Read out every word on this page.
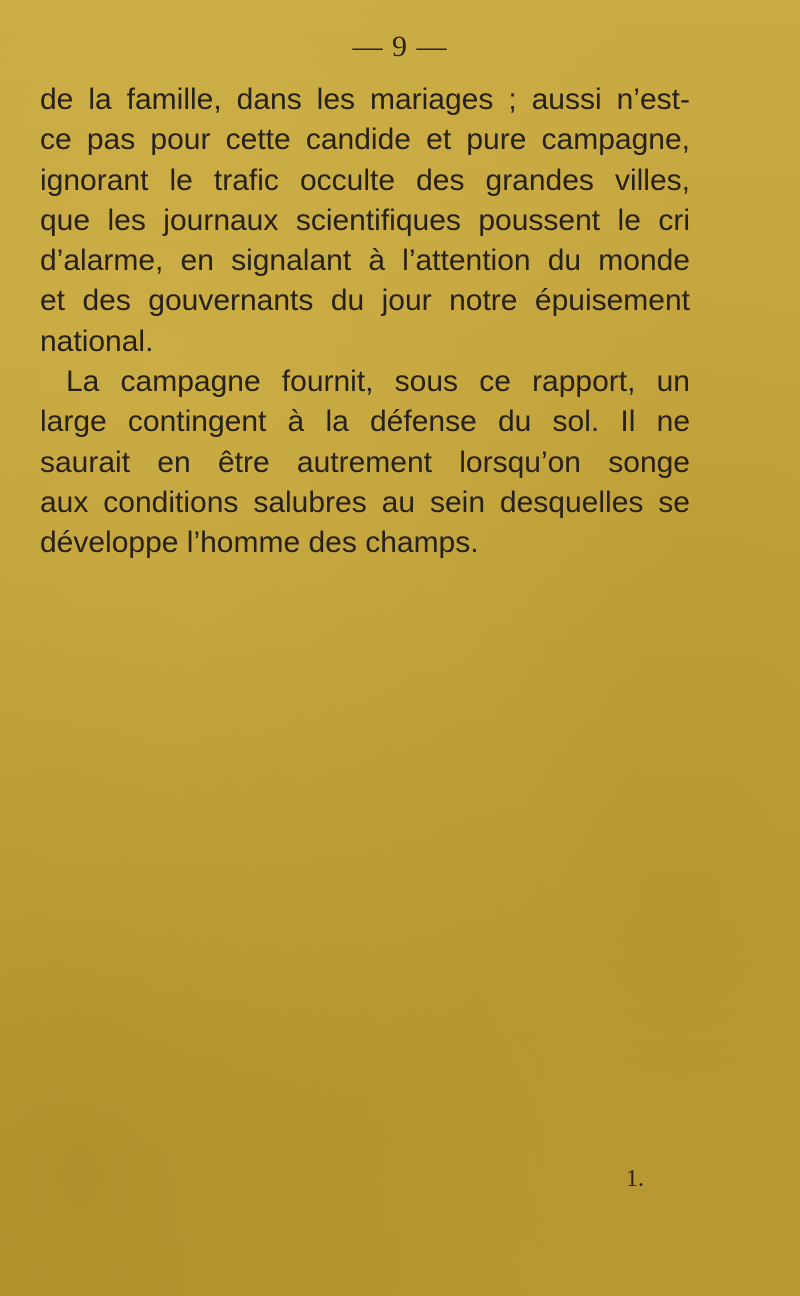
— 9 —
de la famille, dans les mariages ; aussi n’est-
ce pas pour cette candide et pure campagne,
ignorant le trafic occulte des grandes villes,
que les journaux scientifiques poussent le cri
d’alarme, en signalant à l’attention du monde
et des gouvernants du jour notre épuisement
national.
La campagne fournit, sous ce rapport, un
large contingent à la défense du sol. Il ne
saurait en être autrement lorsqu’on songe
aux conditions salubres au sein desquelles se
développe l’homme des champs.
1.
